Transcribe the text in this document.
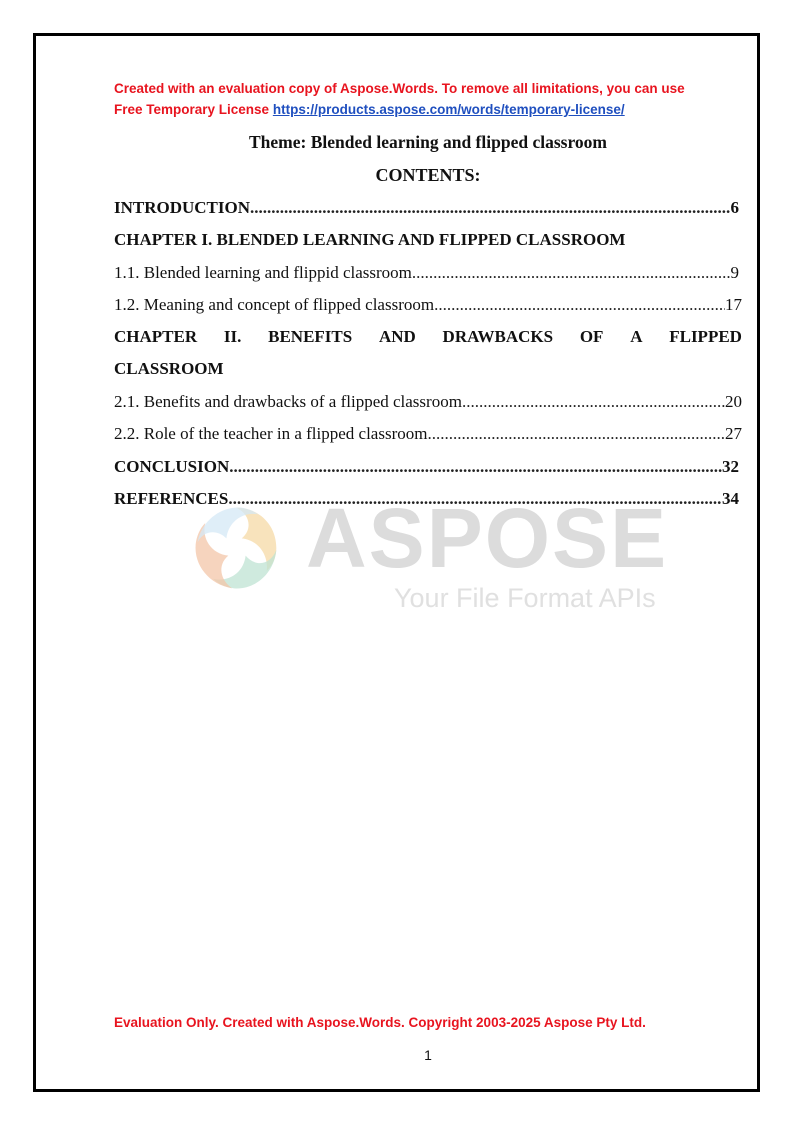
Created with an evaluation copy of Aspose.Words. To remove all limitations, you can use
Free Temporary License https://products.aspose.com/words/temporary-license/
ASPOSE
Your File Format APIs
Theme: Blended learning and flipped classroom
CONTENTS:
INTRODUCTION .....	6
CHAPTER I. BLENDED LEARNING AND FLIPPED CLASSROOM
1.1. Blended learning and flippid classroom .....	9
1.2. Meaning and concept of flipped classroom .....	17
CHAPTER II. BENEFITS AND DRAWBACKS OF A FLIPPED
CLASSROOM
2.1. Benefits and drawbacks of a flipped classroom .....	20
2.2. Role of the teacher in a flipped classroom .....	27
CONCLUSION .....	32
REFERENCES .....	34
Evaluation Only. Created with Aspose.Words. Copyright 2003-2025 Aspose Pty Ltd.
1
